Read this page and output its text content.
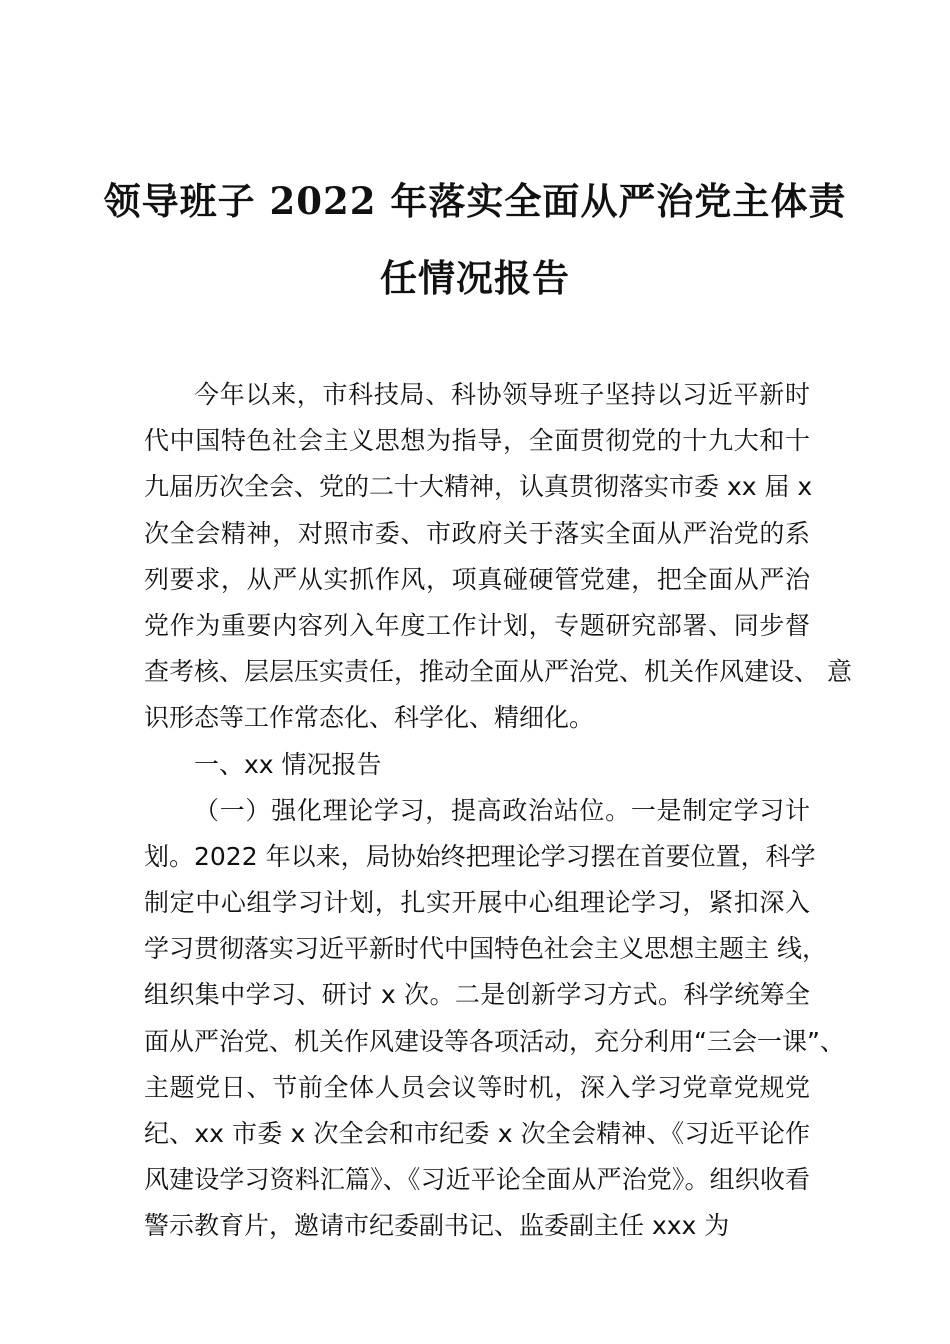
领导班子 2022 年落实全面从严治党主体责
任情况报告
今年以来，市科技局、科协领导班子坚持以习近平新时
代中国特色社会主义思想为指导，全面贯彻党的十九大和十
九届历次全会、党的二十大精神，认真贯彻落实市委 xx 届 x
次全会精神，对照市委、市政府关于落实全面从严治党的系
列要求，从严从实抓作风，项真碰硬管党建，把全面从严治
党作为重要内容列入年度工作计划，专题研究部署、同步督
查考核、层层压实责任，推动全面从严治党、机关作风建设、 意
识形态等工作常态化、科学化、精细化。
一、xx 情况报告
（一）强化理论学习，提高政治站位。一是制定学习计
划。2022 年以来，局协始终把理论学习摆在首要位置，科学
制定中心组学习计划，扎实开展中心组理论学习，紧扣深入
学习贯彻落实习近平新时代中国特色社会主义思想主题主 线，
组织集中学习、研讨 x 次。二是创新学习方式。科学统筹全
面从严治党、机关作风建设等各项活动，充分利用“三会一课”、
主题党日、节前全体人员会议等时机，深入学习党章党规党
纪、xx 市委 x 次全会和市纪委 x 次全会精神、《习近平论作
风建设学习资料汇篇》、《习近平论全面从严治党》。组织收看
警示教育片，邀请市纪委副书记、监委副主任 xxx 为
